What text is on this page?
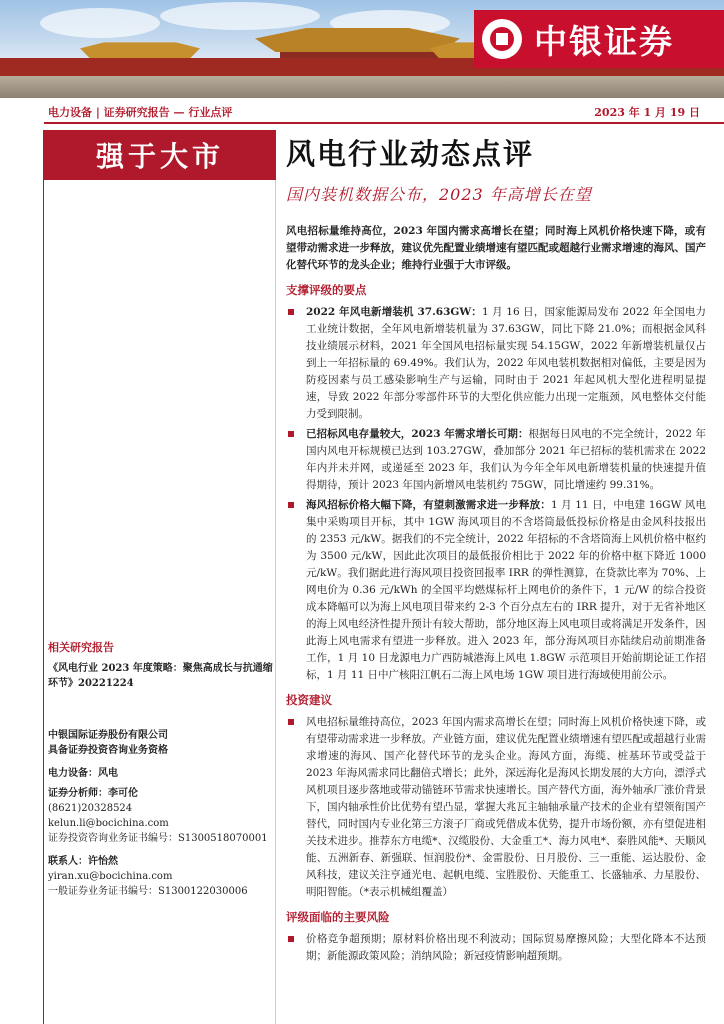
中银证券
电力设备 | 证券研究报告 — 行业点评	2023 年 1 月 19 日
强于大市
相关研究报告
《风电行业 2023 年度策略：聚焦高成长与抗通缩环节》20221224
中银国际证券股份有限公司
具备证券投资咨询业务资格
电力设备：风电
证券分析师：李可伦
(8621)20328524
kelun.li@bocichina.com
证券投资咨询业务证书编号：S1300518070001
联系人：许怡然
yiran.xu@bocichina.com
一般证券业务证书编号：S1300122030006
风电行业动态点评
国内装机数据公布，2023 年高增长在望
风电招标量维持高位，2023 年国内需求高增长在望；同时海上风机价格快速下降，或有望带动需求进一步释放，建议优先配置业绩增速有望匹配或超越行业需求增速的海风、国产化替代环节的龙头企业；维持行业强于大市评级。
支撑评级的要点
2022 年风电新增装机 37.63GW：1 月 16 日，国家能源局发布 2022 年全国电力工业统计数据，全年风电新增装机量为 37.63GW，同比下降 21.0%；而根据金风科技业绩展示材料，2021 年全国风电招标量实现 54.15GW，2022 年新增装机量仅占到上一年招标量的 69.49%。我们认为，2022 年风电装机数据相对偏低，主要是因为防疫因素与员工感染影响生产与运输，同时由于 2021 年起风机大型化进程明显提速，导致 2022 年部分零部件环节的大型化供应能力出现一定瓶颈，风电整体交付能力受到限制。
已招标风电存量较大，2023 年需求增长可期：根据每日风电的不完全统计，2022 年国内风电开标规模已达到 103.27GW，叠加部分 2021 年已招标的装机需求在 2022 年内并未并网，或递延至 2023 年，我们认为今年全年风电新增装机量的快速提升值得期待，预计 2023 年国内新增风电装机约 75GW，同比增速约 99.31%。
海风招标价格大幅下降，有望刺激需求进一步释放：1 月 11 日，中电建 16GW 风电集中采购项目开标，其中 1GW 海风项目的不含塔筒最低投标价格是由金风科技报出的 2353 元/kW。据我们的不完全统计，2022 年招标的不含塔筒海上风机价格中枢约为 3500 元/kW，因此此次项目的最低报价相比于 2022 年的价格中枢下降近 1000 元/kW。我们据此进行海风项目投资回报率 IRR 的弹性测算，在贷款比率为 70%、上网电价为 0.36 元/kWh 的全国平均燃煤标杆上网电价的条件下，1 元/W 的综合投资成本降幅可以为海上风电项目带来约 2-3 个百分点左右的 IRR 提升，对于无省补地区的海上风电经济性提升预计有较大帮助，部分地区海上风电项目或将满足开发条件，因此海上风电需求有望进一步释放。进入 2023 年，部分海风项目亦陆续启动前期准备工作，1 月 10 日龙源电力广西防城港海上风电 1.8GW 示范项目开始前期论证工作招标，1 月 11 日中广核阳江帆石二海上风电场 1GW 项目进行海域使用前公示。
投资建议
风电招标量维持高位，2023 年国内需求高增长在望；同时海上风机价格快速下降，或有望带动需求进一步释放。产业链方面，建议优先配置业绩增速有望匹配或超越行业需求增速的海风、国产化替代环节的龙头企业。海风方面，海缆、桩基环节或受益于 2023 年海风需求同比翻倍式增长；此外，深远海化是海风长期发展的大方向，漂浮式风机项目逐步落地或带动锚链环节需求快速增长。国产替代方面，海外轴承厂涨价背景下，国内轴承性价比优势有望凸显，掌握大兆瓦主轴轴承量产技术的企业有望领衔国产替代，同时国内专业化第三方滚子厂商或凭借成本优势，提升市场份额，亦有望促进相关技术进步。推荐东方电缆*、汉缆股份、大金重工*、海力风电*、泰胜风能*、天顺风能、五洲新春、新强联、恒润股份*、金雷股份、日月股份、三一重能、运达股份、金风科技，建议关注亨通光电、起帆电缆、宝胜股份、天能重工、长盛轴承、力星股份、明阳智能。（*表示机械组覆盖）
评级面临的主要风险
价格竞争超预期；原材料价格出现不利波动；国际贸易摩擦风险；大型化降本不达预期；新能源政策风险；消纳风险；新冠疫情影响超预期。
